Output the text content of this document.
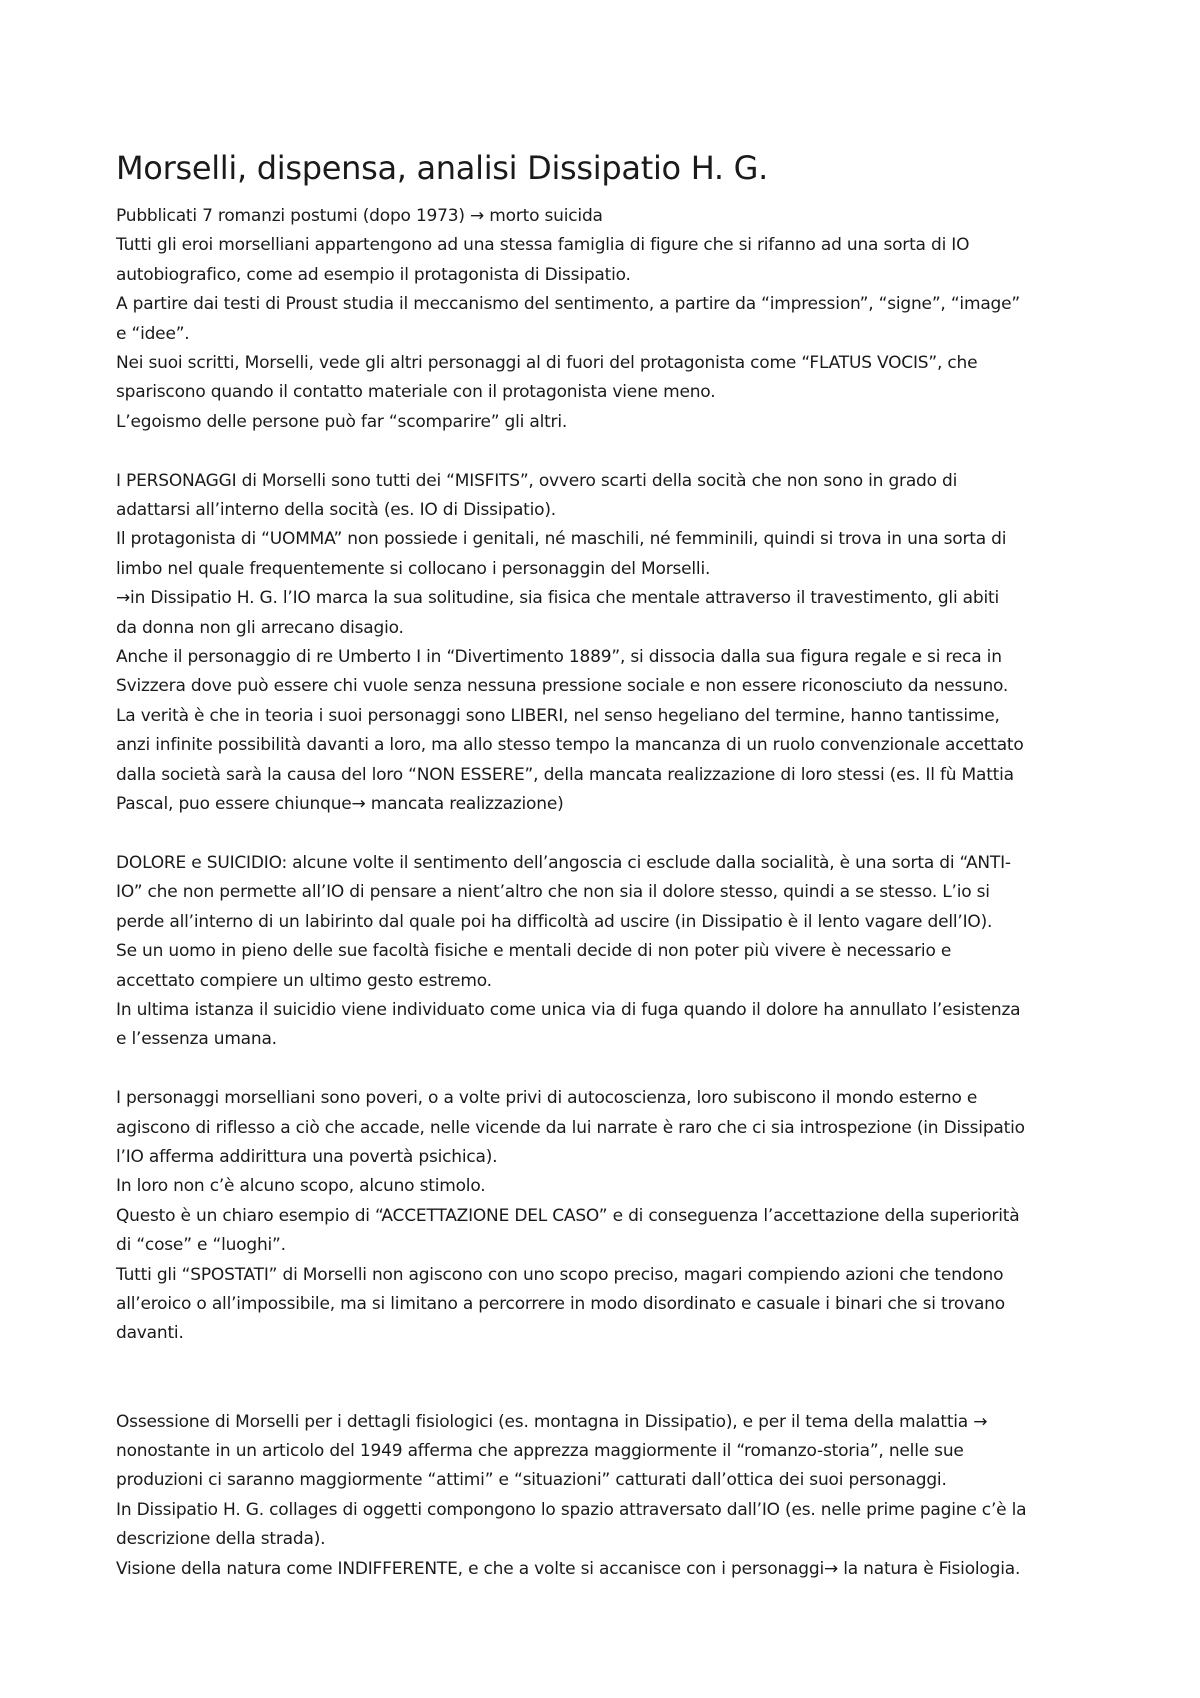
Morselli, dispensa, analisi Dissipatio H. G.
Pubblicati 7 romanzi postumi (dopo 1973) → morto suicida
Tutti gli eroi morselliani appartengono ad una stessa famiglia di figure che si rifanno ad una sorta di IO
autobiografico, come ad esempio il protagonista di Dissipatio.
A partire dai testi di Proust studia il meccanismo del sentimento, a partire da “impression”, “signe”, “image”
e “idee”.
Nei suoi scritti, Morselli, vede gli altri personaggi al di fuori del protagonista come “FLATUS VOCIS”, che
spariscono quando il contatto materiale con il protagonista viene meno.
L’egoismo delle persone può far “scomparire” gli altri.
I PERSONAGGI di Morselli sono tutti dei “MISFITS”, ovvero scarti della socità che non sono in grado di
adattarsi all’interno della socità (es. IO di Dissipatio).
Il protagonista di “UOMMA” non possiede i genitali, né maschili, né femminili, quindi si trova in una sorta di
limbo nel quale frequentemente si collocano i personaggin del Morselli.
→in Dissipatio H. G. l’IO marca la sua solitudine, sia fisica che mentale attraverso il travestimento, gli abiti
da donna non gli arrecano disagio.
Anche il personaggio di re Umberto I in “Divertimento 1889”, si dissocia dalla sua figura regale e si reca in
Svizzera dove può essere chi vuole senza nessuna pressione sociale e non essere riconosciuto da nessuno.
La verità è che in teoria i suoi personaggi sono LIBERI, nel senso hegeliano del termine, hanno tantissime,
anzi infinite possibilità davanti a loro, ma allo stesso tempo la mancanza di un ruolo convenzionale accettato
dalla società sarà la causa del loro “NON ESSERE”, della mancata realizzazione di loro stessi (es. Il fù Mattia
Pascal, puo essere chiunque→ mancata realizzazione)
DOLORE e SUICIDIO: alcune volte il sentimento dell’angoscia ci esclude dalla socialità, è una sorta di “ANTI-
IO” che non permette all’IO di pensare a nient’altro che non sia il dolore stesso, quindi a se stesso. L’io si
perde all’interno di un labirinto dal quale poi ha difficoltà ad uscire (in Dissipatio è il lento vagare dell’IO).
Se un uomo in pieno delle sue facoltà fisiche e mentali decide di non poter più vivere è necessario e
accettato compiere un ultimo gesto estremo.
In ultima istanza il suicidio viene individuato come unica via di fuga quando il dolore ha annullato l’esistenza
e l’essenza umana.
I personaggi morselliani sono poveri, o a volte privi di autocoscienza, loro subiscono il mondo esterno e
agiscono di riflesso a ciò che accade, nelle vicende da lui narrate è raro che ci sia introspezione (in Dissipatio
l’IO afferma addirittura una povertà psichica).
In loro non c’è alcuno scopo, alcuno stimolo.
Questo è un chiaro esempio di “ACCETTAZIONE DEL CASO” e di conseguenza l’accettazione della superiorità
di “cose” e “luoghi”.
Tutti gli “SPOSTATI” di Morselli non agiscono con uno scopo preciso, magari compiendo azioni che tendono
all’eroico o all’impossibile, ma si limitano a percorrere in modo disordinato e casuale i binari che si trovano
davanti.
Ossessione di Morselli per i dettagli fisiologici (es. montagna in Dissipatio), e per il tema della malattia →
nonostante in un articolo del 1949 afferma che apprezza maggiormente il “romanzo-storia”, nelle sue
produzioni ci saranno maggiormente “attimi” e “situazioni” catturati dall’ottica dei suoi personaggi.
In Dissipatio H. G. collages di oggetti compongono lo spazio attraversato dall’IO (es. nelle prime pagine c’è la
descrizione della strada).
Visione della natura come INDIFFERENTE, e che a volte si accanisce con i personaggi→ la natura è Fisiologia.
